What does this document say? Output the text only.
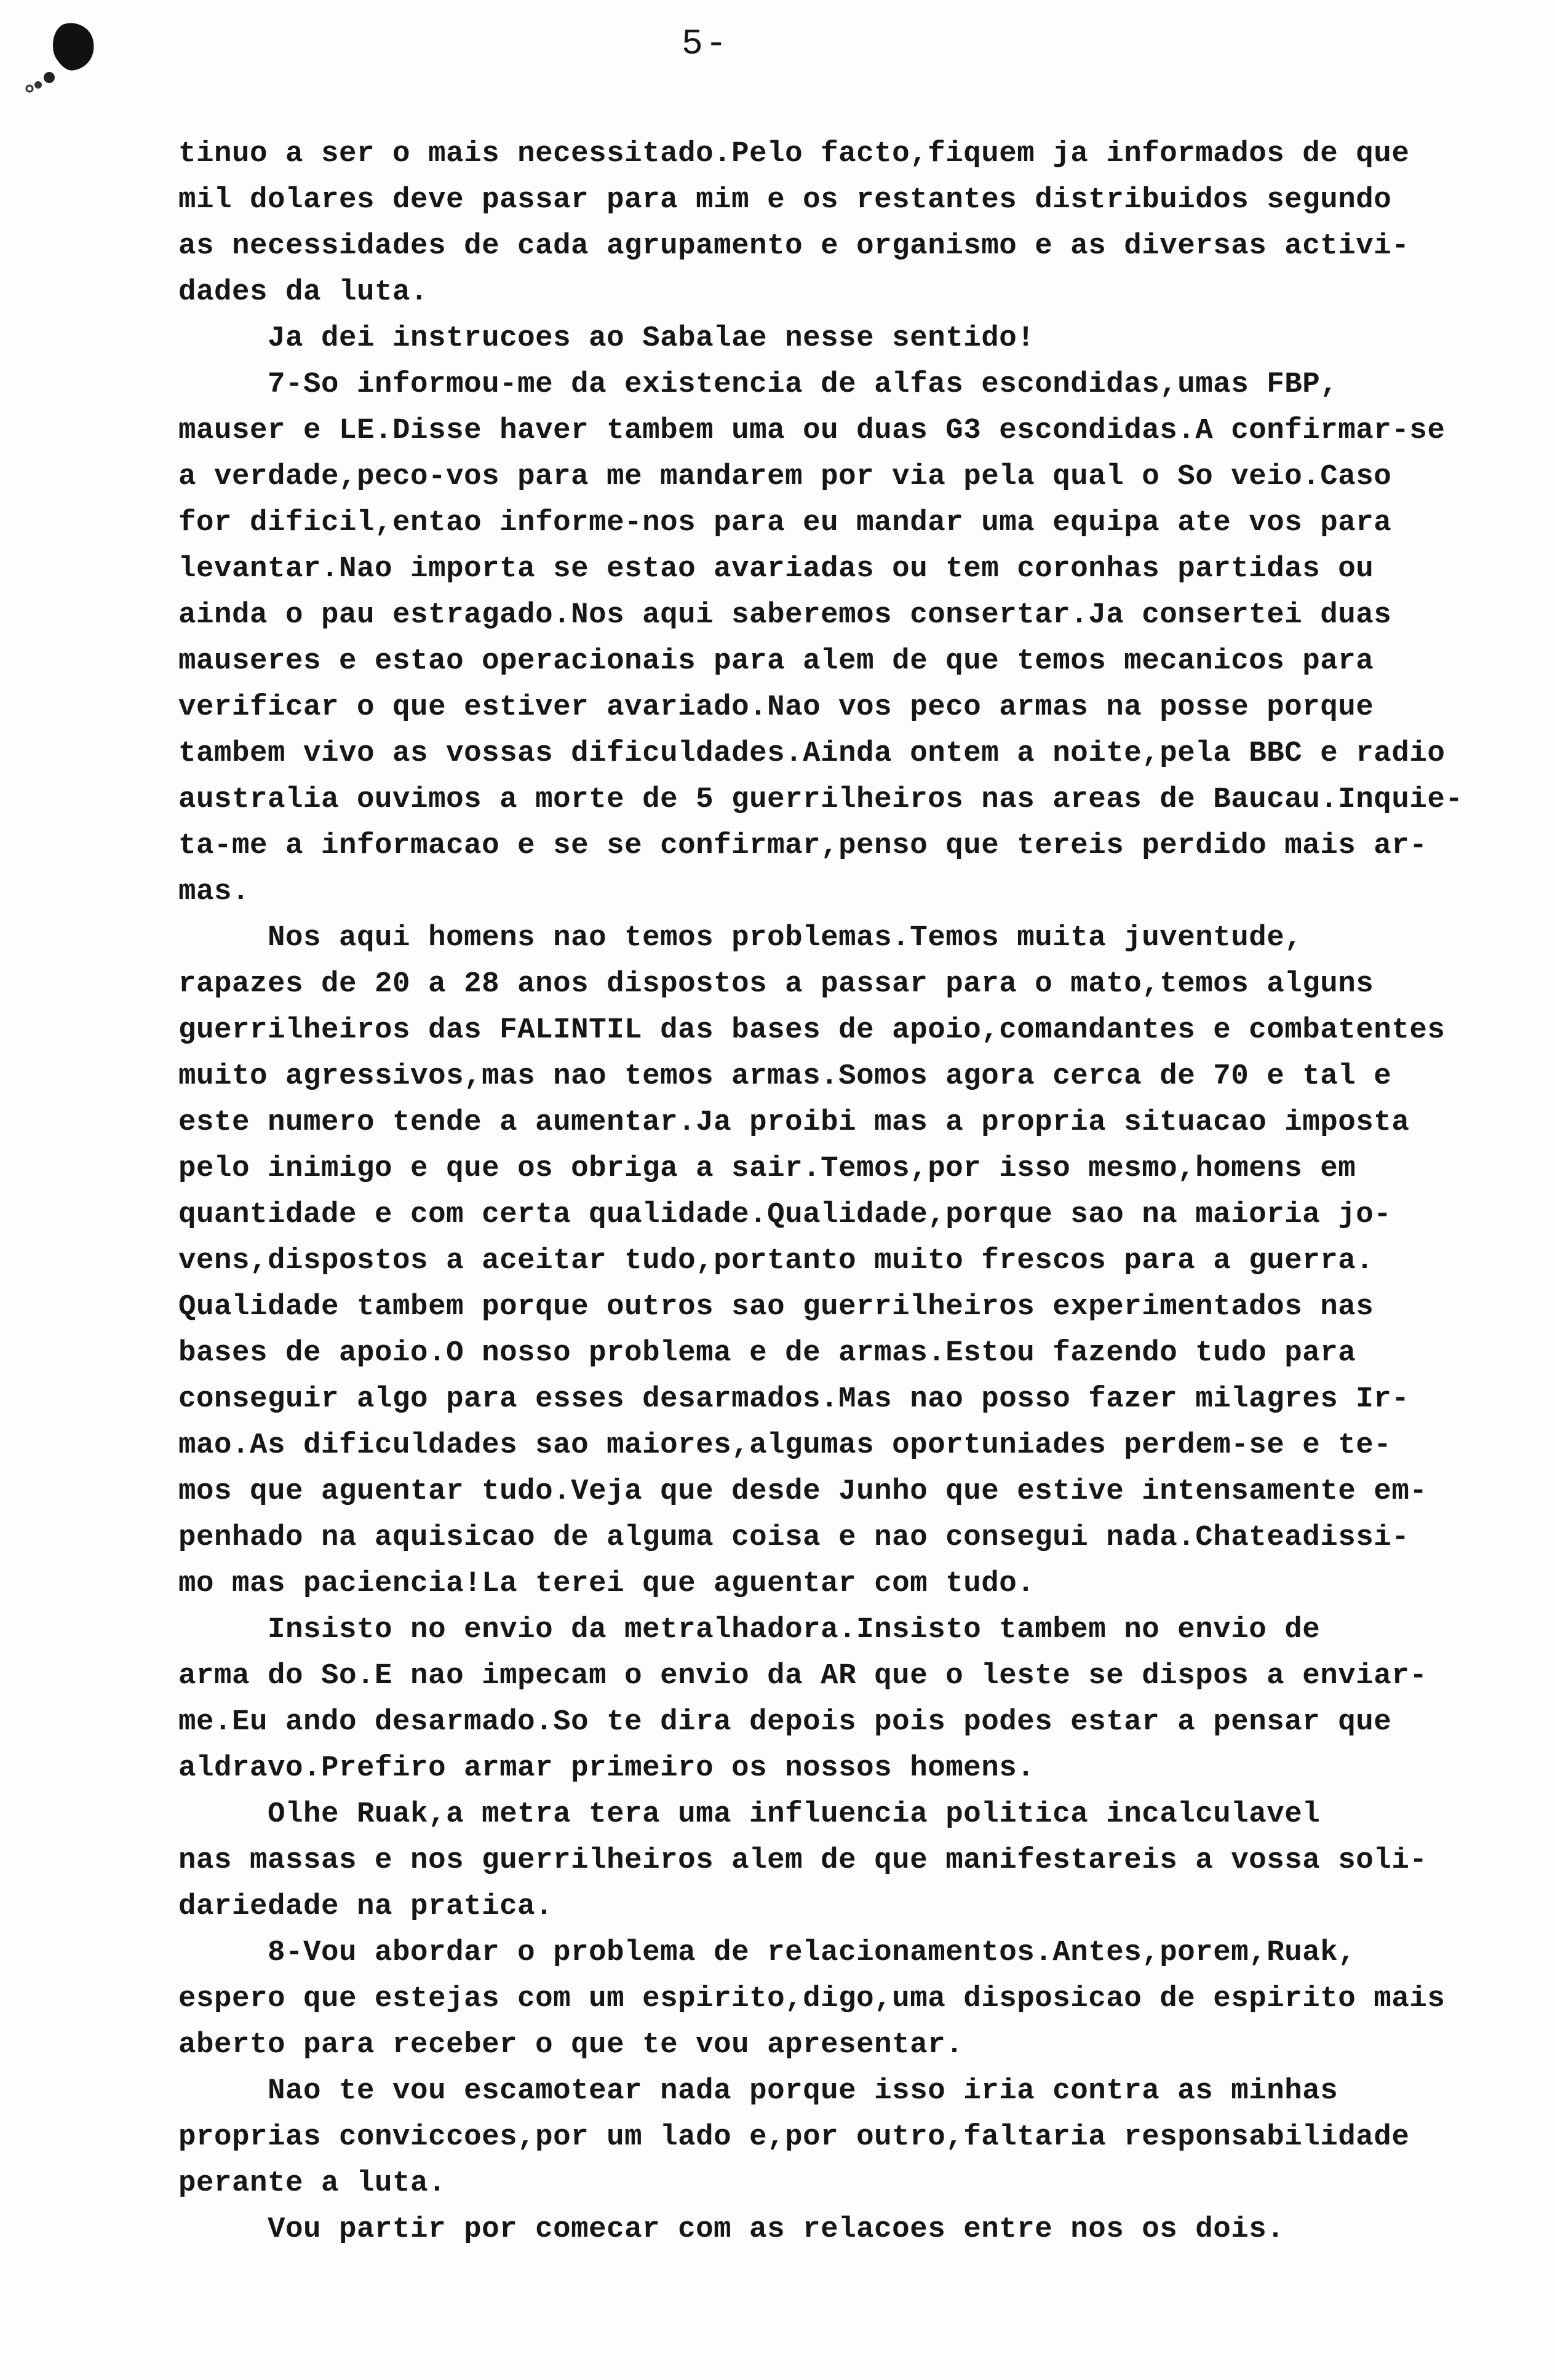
5-
tinuo a ser o mais necessitado.Pelo facto,fiquem ja informados de que
mil dolares deve passar para mim e os restantes distribuidos segundo
as necessidades de cada agrupamento e organismo e as diversas activi-
dades da luta.
Ja dei instrucoes ao Sabalae nesse sentido!
7-So informou-me da existencia de alfas escondidas,umas FBP,
mauser e LE.Disse haver tambem uma ou duas G3 escondidas.A confirmar-se
a verdade,peco-vos para me mandarem por via pela qual o So veio.Caso
for dificil,entao informe-nos para eu mandar uma equipa ate vos para
levantar.Nao importa se estao avariadas ou tem coronhas partidas ou
ainda o pau estragado.Nos aqui saberemos consertar.Ja consertei duas
mauseres e estao operacionais para alem de que temos mecanicos para
verificar o que estiver avariado.Nao vos peco armas na posse porque
tambem vivo as vossas dificuldades.Ainda ontem a noite,pela BBC e radio
australia ouvimos a morte de 5 guerrilheiros nas areas de Baucau.Inquie-
ta-me a informacao e se se confirmar,penso que tereis perdido mais ar-
mas.
Nos aqui homens nao temos problemas.Temos muita juventude,
rapazes de 20 a 28 anos dispostos a passar para o mato,temos alguns
guerrilheiros das FALINTIL das bases de apoio,comandantes e combatentes
muito agressivos,mas nao temos armas.Somos agora cerca de 70 e tal e
este numero tende a aumentar.Ja proibi mas a propria situacao imposta
pelo inimigo e que os obriga a sair.Temos,por isso mesmo,homens em
quantidade e com certa qualidade.Qualidade,porque sao na maioria jo-
vens,dispostos a aceitar tudo,portanto muito frescos para a guerra.
Qualidade tambem porque outros sao guerrilheiros experimentados nas
bases de apoio.O nosso problema e de armas.Estou fazendo tudo para
conseguir algo para esses desarmados.Mas nao posso fazer milagres Ir-
mao.As dificuldades sao maiores,algumas oportuniades perdem-se e te-
mos que aguentar tudo.Veja que desde Junho que estive intensamente em-
penhado na aquisicao de alguma coisa e nao consegui nada.Chateadissi-
mo mas paciencia!La terei que aguentar com tudo.
Insisto no envio da metralhadora.Insisto tambem no envio de
arma do So.E nao impecam o envio da AR que o leste se dispos a enviar-
me.Eu ando desarmado.So te dira depois pois podes estar a pensar que
aldravo.Prefiro armar primeiro os nossos homens.
Olhe Ruak,a metra tera uma influencia politica incalculavel
nas massas e nos guerrilheiros alem de que manifestareis a vossa soli-
dariedade na pratica.
8-Vou abordar o problema de relacionamentos.Antes,porem,Ruak,
espero que estejas com um espirito,digo,uma disposicao de espirito mais
aberto para receber o que te vou apresentar.
Nao te vou escamotear nada porque isso iria contra as minhas
proprias conviccoes,por um lado e,por outro,faltaria responsabilidade
perante a luta.
Vou partir por comecar com as relacoes entre nos os dois.
